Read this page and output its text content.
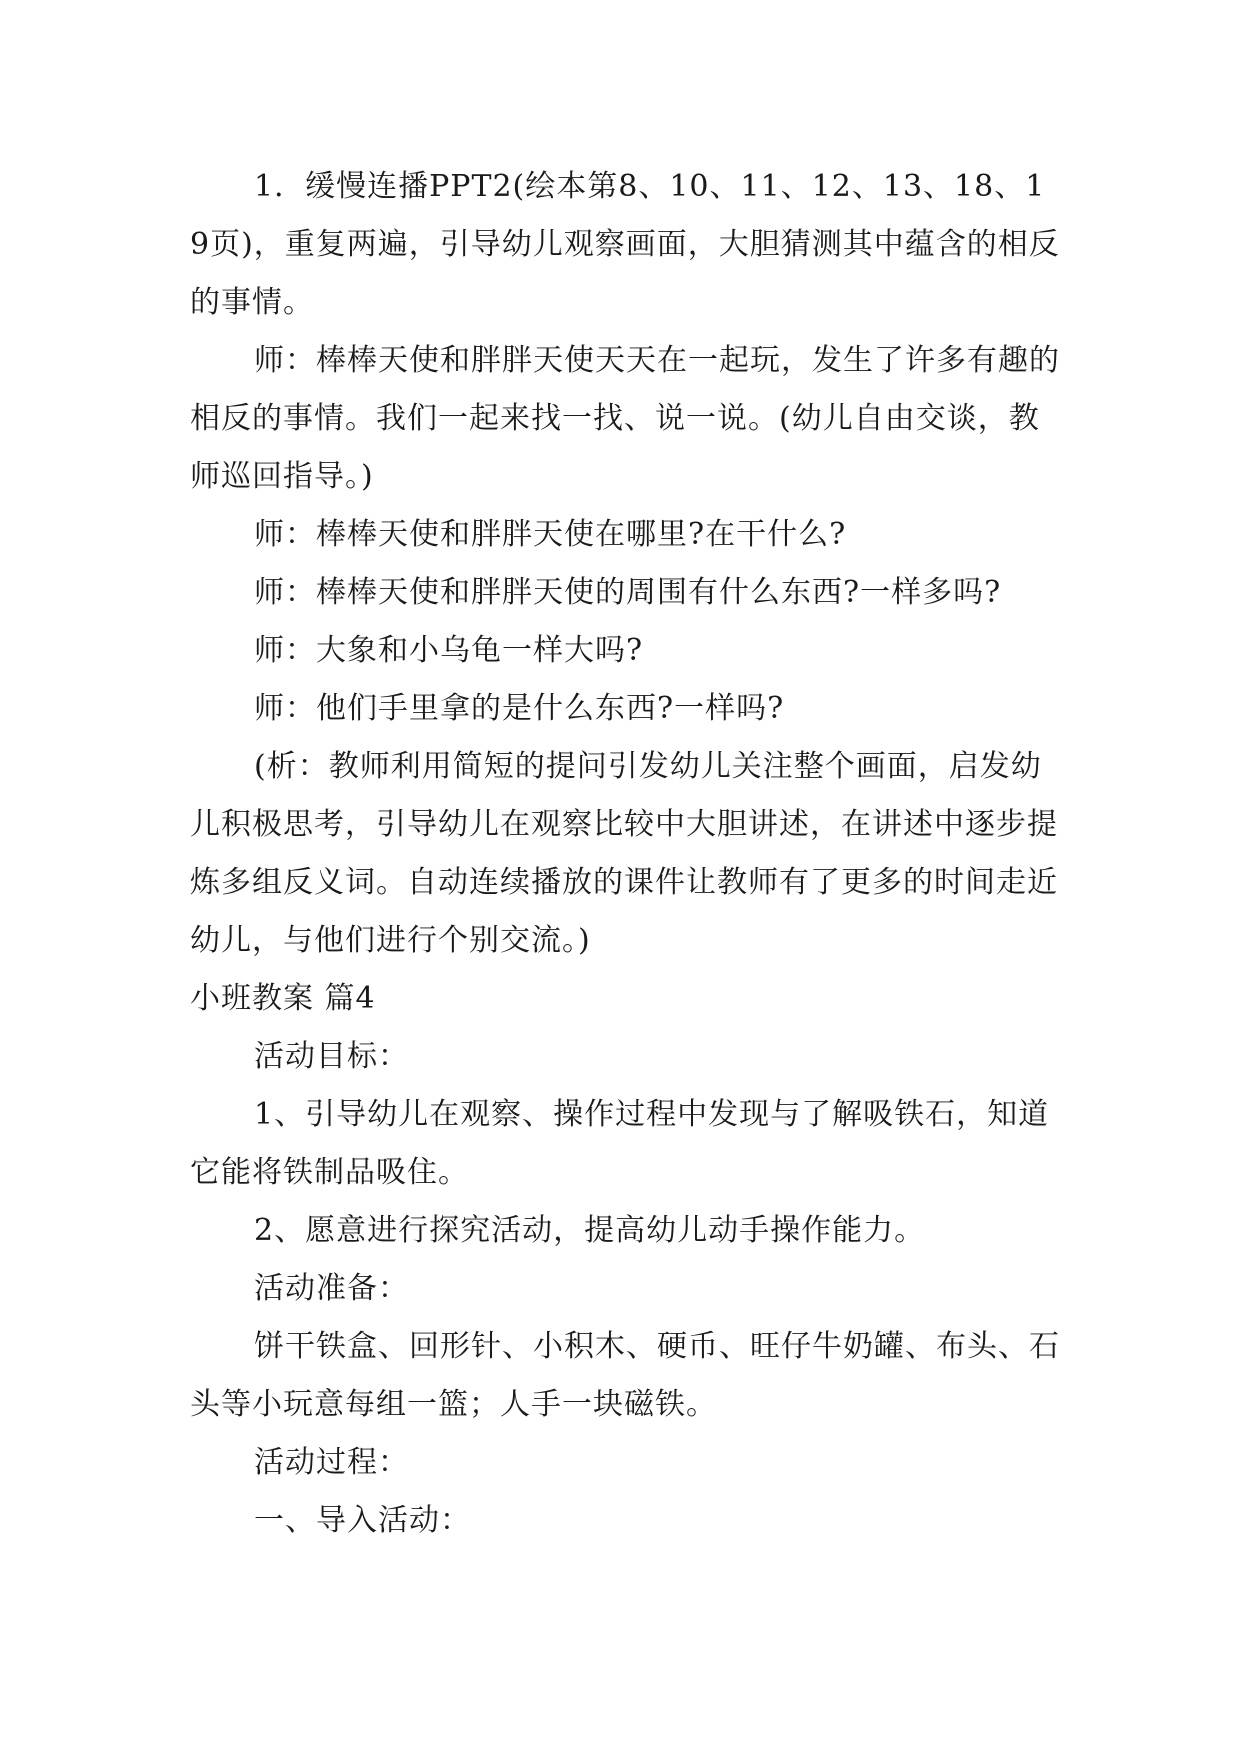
1．缓慢连播PPT2(绘本第8、10、11、12、13、18、19页)，重复两遍，引导幼儿观察画面，大胆猜测其中蕴含的相反的事情。

师：棒棒天使和胖胖天使天天在一起玩，发生了许多有趣的相反的事情。我们一起来找一找、说一说。(幼儿自由交谈，教师巡回指导。)

师：棒棒天使和胖胖天使在哪里?在干什么?

师：棒棒天使和胖胖天使的周围有什么东西?一样多吗?

师：大象和小乌龟一样大吗?

师：他们手里拿的是什么东西?一样吗?

(析：教师利用简短的提问引发幼儿关注整个画面，启发幼儿积极思考，引导幼儿在观察比较中大胆讲述，在讲述中逐步提炼多组反义词。自动连续播放的课件让教师有了更多的时间走近幼儿，与他们进行个别交流。)

小班教案 篇4

活动目标：

1、引导幼儿在观察、操作过程中发现与了解吸铁石，知道它能将铁制品吸住。

2、愿意进行探究活动，提高幼儿动手操作能力。

活动准备：

饼干铁盒、回形针、小积木、硬币、旺仔牛奶罐、布头、石头等小玩意每组一篮；人手一块磁铁。

活动过程：

一、导入活动：
